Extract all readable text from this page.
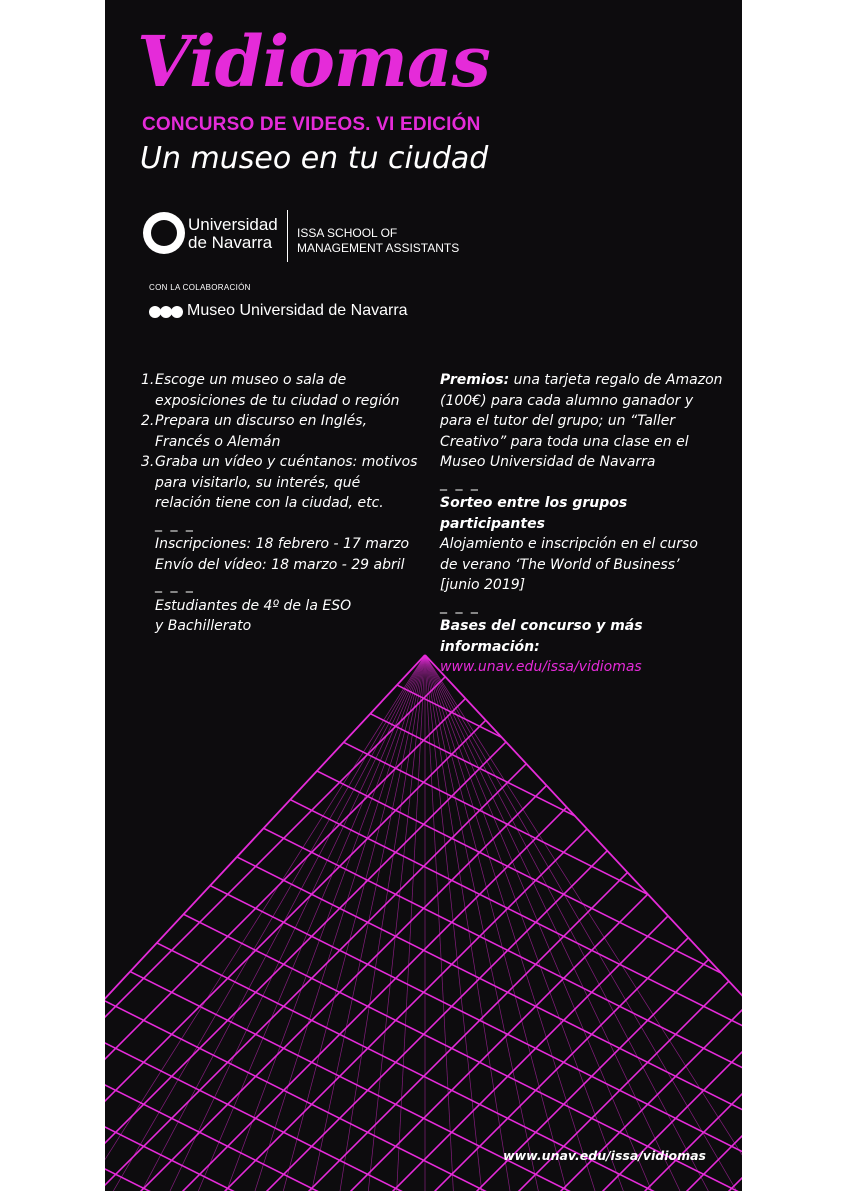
Vidiomas
CONCURSO DE VIDEOS. VI EDICIÓN
Un museo en tu ciudad
Universidad
de Navarra	ISSA SCHOOL OF
MANAGEMENT ASSISTANTS
CON LA COLABORACIÓN
Museo Universidad de Navarra
1. Escoge un museo o sala de
exposiciones de tu ciudad o región
2. Prepara un discurso en Inglés,
Francés o Alemán
3. Graba un vídeo y cuéntanos: motivos
para visitarlo, su interés, qué
relación tiene con la ciudad, etc.
_ _ _
Inscripciones: 18 febrero - 17 marzo
Envío del vídeo: 18 marzo - 29 abril
_ _ _
Estudiantes de 4º de la ESO
y Bachillerato
Premios: una tarjeta regalo de Amazon
(100€) para cada alumno ganador y
para el tutor del grupo; un “Taller
Creativo” para toda una clase en el
Museo Universidad de Navarra
_ _ _
Sorteo entre los grupos participantes
Alojamiento e inscripción en el curso
de verano ‘The World of Business’
[junio 2019]
_ _ _
Bases del concurso y más información:
www.unav.edu/issa/vidiomas
www.unav.edu/issa/vidiomas
